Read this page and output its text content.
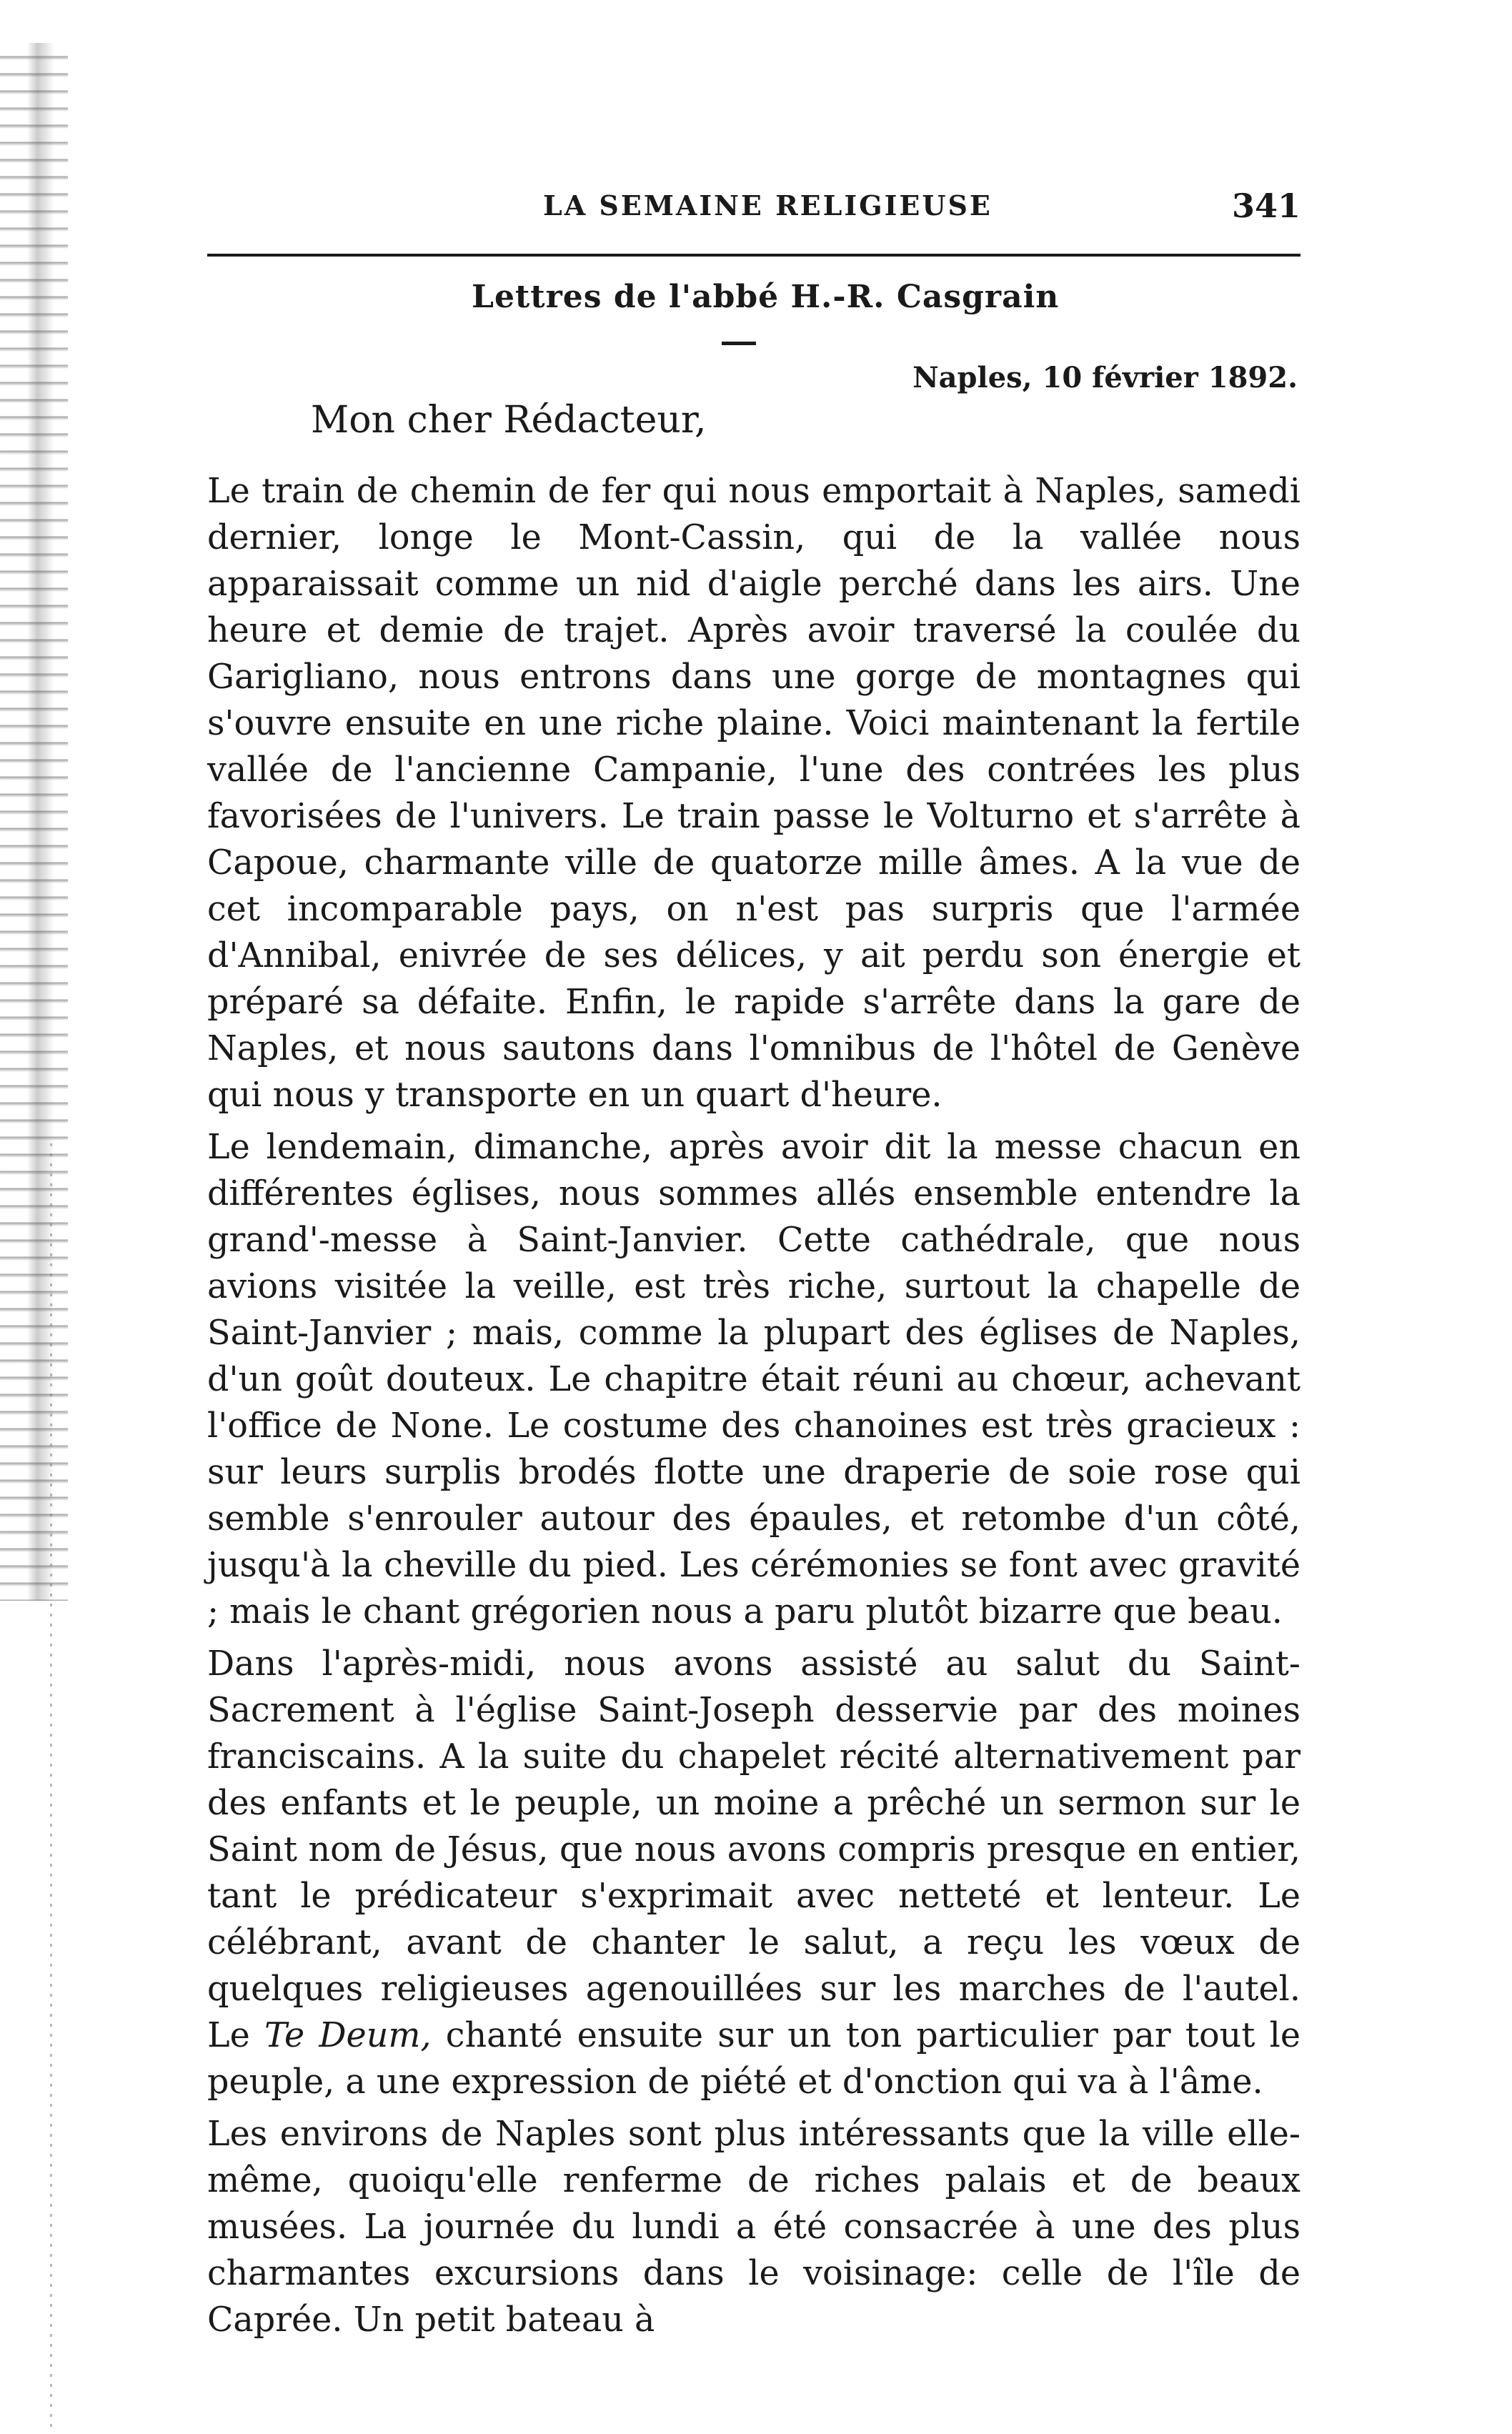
LA SEMAINE RELIGIEUSE	341
Lettres de l'abbé H.-R. Casgrain
Naples, 10 février 1892.
Mon cher Rédacteur,

Le train de chemin de fer qui nous emportait à Naples, samedi dernier, longe le Mont-Cassin, qui de la vallée nous apparaissait comme un nid d'aigle perché dans les airs. Une heure et demie de trajet. Après avoir traversé la coulée du Garigliano, nous entrons dans une gorge de montagnes qui s'ouvre ensuite en une riche plaine. Voici maintenant la fertile vallée de l'ancienne Campanie, l'une des contrées les plus favorisées de l'univers. Le train passe le Volturno et s'arrête à Capoue, charmante ville de quatorze mille âmes. A la vue de cet incomparable pays, on n'est pas surpris que l'armée d'Annibal, enivrée de ses délices, y ait perdu son énergie et préparé sa défaite. Enfin, le rapide s'arrête dans la gare de Naples, et nous sautons dans l'omnibus de l'hôtel de Genève qui nous y transporte en un quart d'heure.

Le lendemain, dimanche, après avoir dit la messe chacun en différentes églises, nous sommes allés ensemble entendre la grand'-messe à Saint-Janvier. Cette cathédrale, que nous avions visitée la veille, est très riche, surtout la chapelle de Saint-Janvier ; mais, comme la plupart des églises de Naples, d'un goût douteux. Le chapitre était réuni au chœur, achevant l'office de None. Le costume des chanoines est très gracieux : sur leurs surplis brodés flotte une draperie de soie rose qui semble s'enrouler autour des épaules, et retombe d'un côté, jusqu'à la cheville du pied. Les cérémonies se font avec gravité ; mais le chant grégorien nous a paru plutôt bizarre que beau.

Dans l'après-midi, nous avons assisté au salut du Saint-Sacrement à l'église Saint-Joseph desservie par des moines franciscains. A la suite du chapelet récité alternativement par des enfants et le peuple, un moine a prêché un sermon sur le Saint nom de Jésus, que nous avons compris presque en entier, tant le prédicateur s'exprimait avec netteté et lenteur. Le célébrant, avant de chanter le salut, a reçu les vœux de quelques religieuses agenouillées sur les marches de l'autel. Le Te Deum, chanté ensuite sur un ton particulier par tout le peuple, a une expression de piété et d'onction qui va à l'âme.

Les environs de Naples sont plus intéressants que la ville elle-même, quoiqu'elle renferme de riches palais et de beaux musées. La journée du lundi a été consacrée à une des plus charmantes excursions dans le voisinage: celle de l'île de Caprée. Un petit bateau à
